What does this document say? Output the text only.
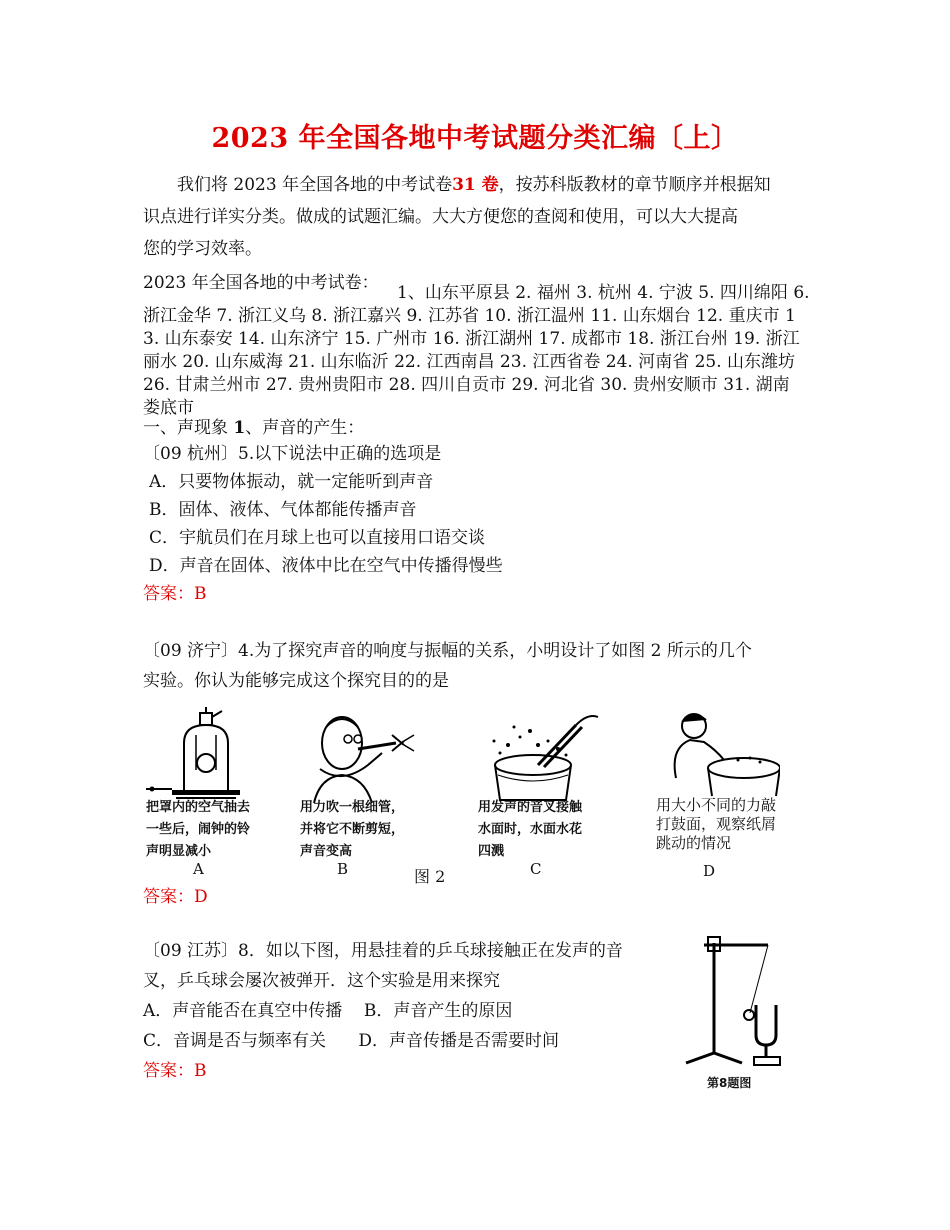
2023 年全国各地中考试题分类汇编〔上〕
我们将 2023 年全国各地的中考试卷31 卷，按苏科版教材的章节顺序并根据知
识点进行详实分类。做成的试题汇编。大大方便您的查阅和使用，可以大大提高
您的学习效率。
2023 年全国各地的中考试卷： 1、山东平原县 2. 福州 3. 杭州 4. 宁波 5. 四川绵阳 6.
浙江金华 7. 浙江义乌 8. 浙江嘉兴 9. 江苏省 10. 浙江温州 11. 山东烟台 12. 重庆市 1
3. 山东泰安 14. 山东济宁 15. 广州市 16. 浙江湖州 17. 成都市 18. 浙江台州 19. 浙江
丽水 20. 山东威海 21. 山东临沂 22. 江西南昌 23. 江西省卷 24. 河南省 25. 山东潍坊
26. 甘肃兰州市 27. 贵州贵阳市 28. 四川自贡市 29. 河北省 30. 贵州安顺市 31. 湖南
娄底市
一、声现象 1、声音的产生：
〔09 杭州〕5.以下说法中正确的选项是
A．只要物体振动，就一定能听到声音
B．固体、液体、气体都能传播声音
C．宇航员们在月球上也可以直接用口语交谈
D．声音在固体、液体中比在空气中传播得慢些
答案：B
〔09 济宁〕4.为了探究声音的响度与振幅的关系，小明设计了如图 2 所示的几个
实验。你认为能够完成这个探究目的的是
把罩内的空气抽去
一些后，闹钟的铃
声明显减小
用力吹一根细管，
并将它不断剪短，
声音变高
用发声的音叉接触
水面时，水面水花
四溅
用大小不同的力敲
打鼓面，观察纸屑
跳动的情况
A	B	C	D
图 2
答案：D
〔09 江苏〕8．如以下图，用悬挂着的乒乓球接触正在发声的音
叉，乒乓球会屡次被弹开．这个实验是用来探究
A．声音能否在真空中传播    B．声音产生的原因
C．音调是否与频率有关      D．声音传播是否需要时间
答案：B
第8题图
